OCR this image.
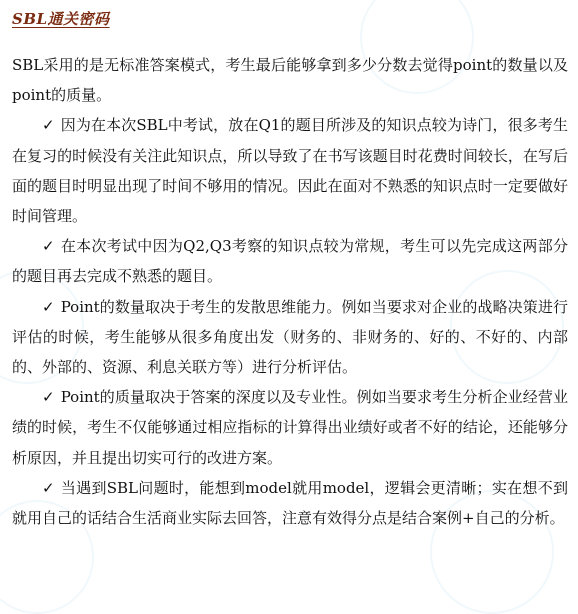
SBL通关密码

SBL采用的是无标准答案模式，考生最后能够拿到多少分数去觉得point的数量以及point的质量。

✓ 因为在本次SBL中考试，放在Q1的题目所涉及的知识点较为诗门，很多考生在复习的时候没有关注此知识点，所以导致了在书写该题目时花费时间较长，在写后面的题目时明显出现了时间不够用的情况。因此在面对不熟悉的知识点时一定要做好时间管理。

✓ 在本次考试中因为Q2,Q3考察的知识点较为常规，考生可以先完成这两部分的题目再去完成不熟悉的题目。

✓ Point的数量取决于考生的发散思维能力。例如当要求对企业的战略决策进行评估的时候，考生能够从很多角度出发（财务的、非财务的、好的、不好的、内部的、外部的、资源、利息关联方等）进行分析评估。

✓ Point的质量取决于答案的深度以及专业性。例如当要求考生分析企业经营业绩的时候，考生不仅能够通过相应指标的计算得出业绩好或者不好的结论，还能够分析原因，并且提出切实可行的改进方案。

✓ 当遇到SBL问题时，能想到model就用model，逻辑会更清晰；实在想不到就用自己的话结合生活商业实际去回答，注意有效得分点是结合案例+自己的分析。
